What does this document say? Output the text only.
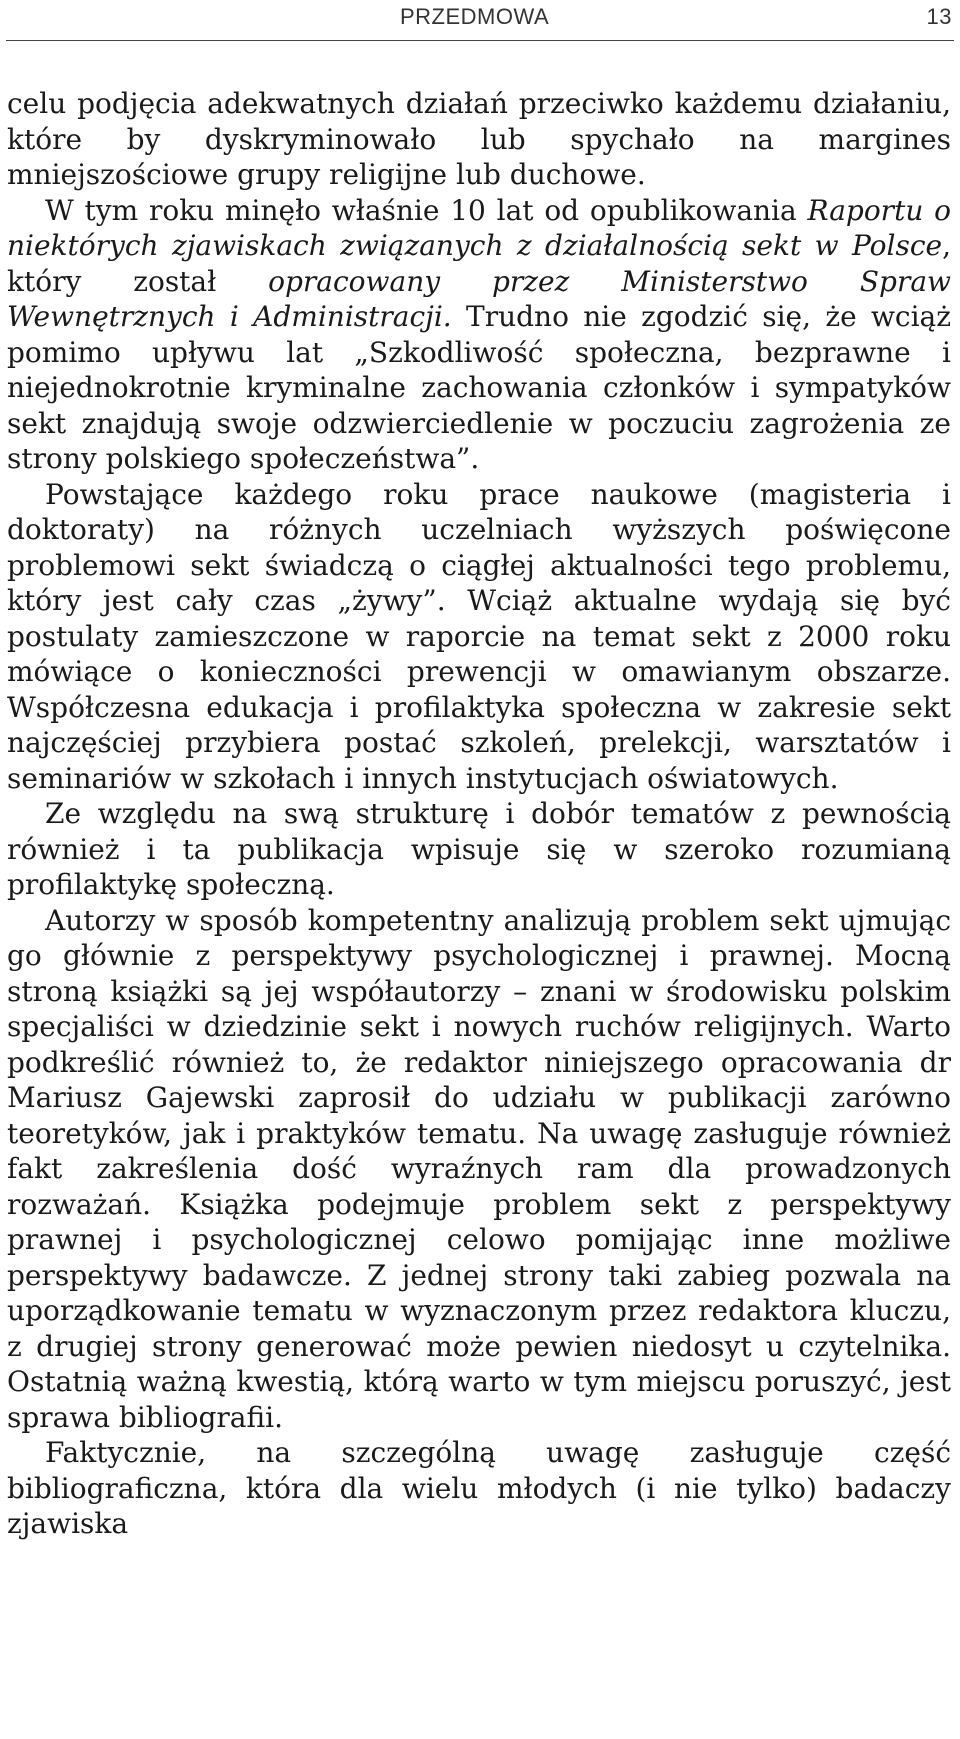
PRZEDMOWA	13

celu podjęcia adekwatnych działań przeciwko każdemu działaniu, które by dyskryminowało lub spychało na margines mniejszościowe grupy religijne lub duchowe.

W tym roku minęło właśnie 10 lat od opublikowania Raportu o niektórych zjawiskach związanych z działalnością sekt w Polsce, który został opracowany przez Ministerstwo Spraw Wewnętrznych i Administracji. Trudno nie zgodzić się, że wciąż pomimo upływu lat „Szkodliwość społeczna, bezprawne i niejednokrotnie kryminalne zachowania członków i sympatyków sekt znajdują swoje odzwierciedlenie w poczuciu zagrożenia ze strony polskiego społeczeństwa”.

Powstające każdego roku prace naukowe (magisteria i doktoraty) na różnych uczelniach wyższych poświęcone problemowi sekt świadczą o ciągłej aktualności tego problemu, który jest cały czas „żywy”. Wciąż aktualne wydają się być postulaty zamieszczone w raporcie na temat sekt z 2000 roku mówiące o konieczności prewencji w omawianym obszarze. Współczesna edukacja i profilaktyka społeczna w zakresie sekt najczęściej przybiera postać szkoleń, prelekcji, warsztatów i seminariów w szkołach i innych instytucjach oświatowych.

Ze względu na swą strukturę i dobór tematów z pewnością również i ta publikacja wpisuje się w szeroko rozumianą profilaktykę społeczną.

Autorzy w sposób kompetentny analizują problem sekt ujmując go głównie z perspektywy psychologicznej i prawnej. Mocną stroną książki są jej współautorzy – znani w środowisku polskim specjaliści w dziedzinie sekt i nowych ruchów religijnych. Warto podkreślić również to, że redaktor niniejszego opracowania dr Mariusz Gajewski zaprosił do udziału w publikacji zarówno teoretyków, jak i praktyków tematu. Na uwagę zasługuje również fakt zakreślenia dość wyraźnych ram dla prowadzonych rozważań. Książka podejmuje problem sekt z perspektywy prawnej i psychologicznej celowo pomijając inne możliwe perspektywy badawcze. Z jednej strony taki zabieg pozwala na uporządkowanie tematu w wyznaczonym przez redaktora kluczu, z drugiej strony generować może pewien niedosyt u czytelnika. Ostatnią ważną kwestią, którą warto w tym miejscu poruszyć, jest sprawa bibliografii.

Faktycznie, na szczególną uwagę zasługuje część bibliograficzna, która dla wielu młodych (i nie tylko) badaczy zjawiska
